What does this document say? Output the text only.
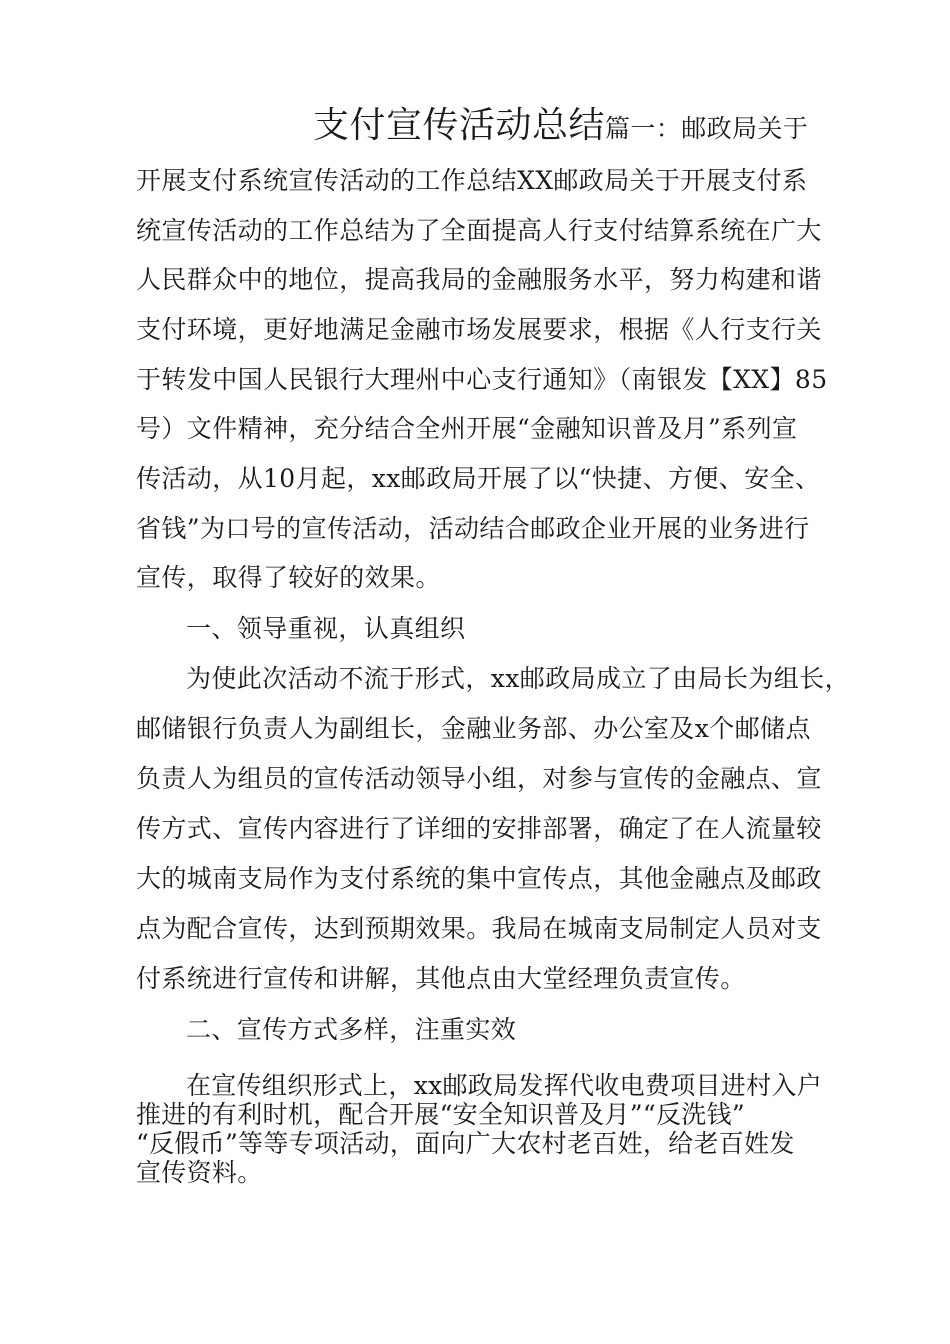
支付宣传活动总结篇一：邮政局关于
开展支付系统宣传活动的工作总结XX邮政局关于开展支付系
统宣传活动的工作总结为了全面提高人行支付结算系统在广大
人民群众中的地位，提高我局的金融服务水平，努力构建和谐
支付环境，更好地满足金融市场发展要求，根据《人行支行关
于转发中国人民银行大理州中心支行通知》（南银发【XX】85
号）文件精神，充分结合全州开展“金融知识普及月”系列宣
传活动，从10月起，xx邮政局开展了以“快捷、方便、安全、
省钱”为口号的宣传活动，活动结合邮政企业开展的业务进行
宣传，取得了较好的效果。
一、领导重视，认真组织
为使此次活动不流于形式，xx邮政局成立了由局长为组长，
邮储银行负责人为副组长，金融业务部、办公室及x个邮储点
负责人为组员的宣传活动领导小组，对参与宣传的金融点、宣
传方式、宣传内容进行了详细的安排部署，确定了在人流量较
大的城南支局作为支付系统的集中宣传点，其他金融点及邮政
点为配合宣传，达到预期效果。我局在城南支局制定人员对支
付系统进行宣传和讲解，其他点由大堂经理负责宣传。
二、宣传方式多样，注重实效
在宣传组织形式上，xx邮政局发挥代收电费项目进村入户
推进的有利时机，配合开展“安全知识普及月”“反洗钱”
“反假币”等等专项活动，面向广大农村老百姓，给老百姓发
宣传资料。
